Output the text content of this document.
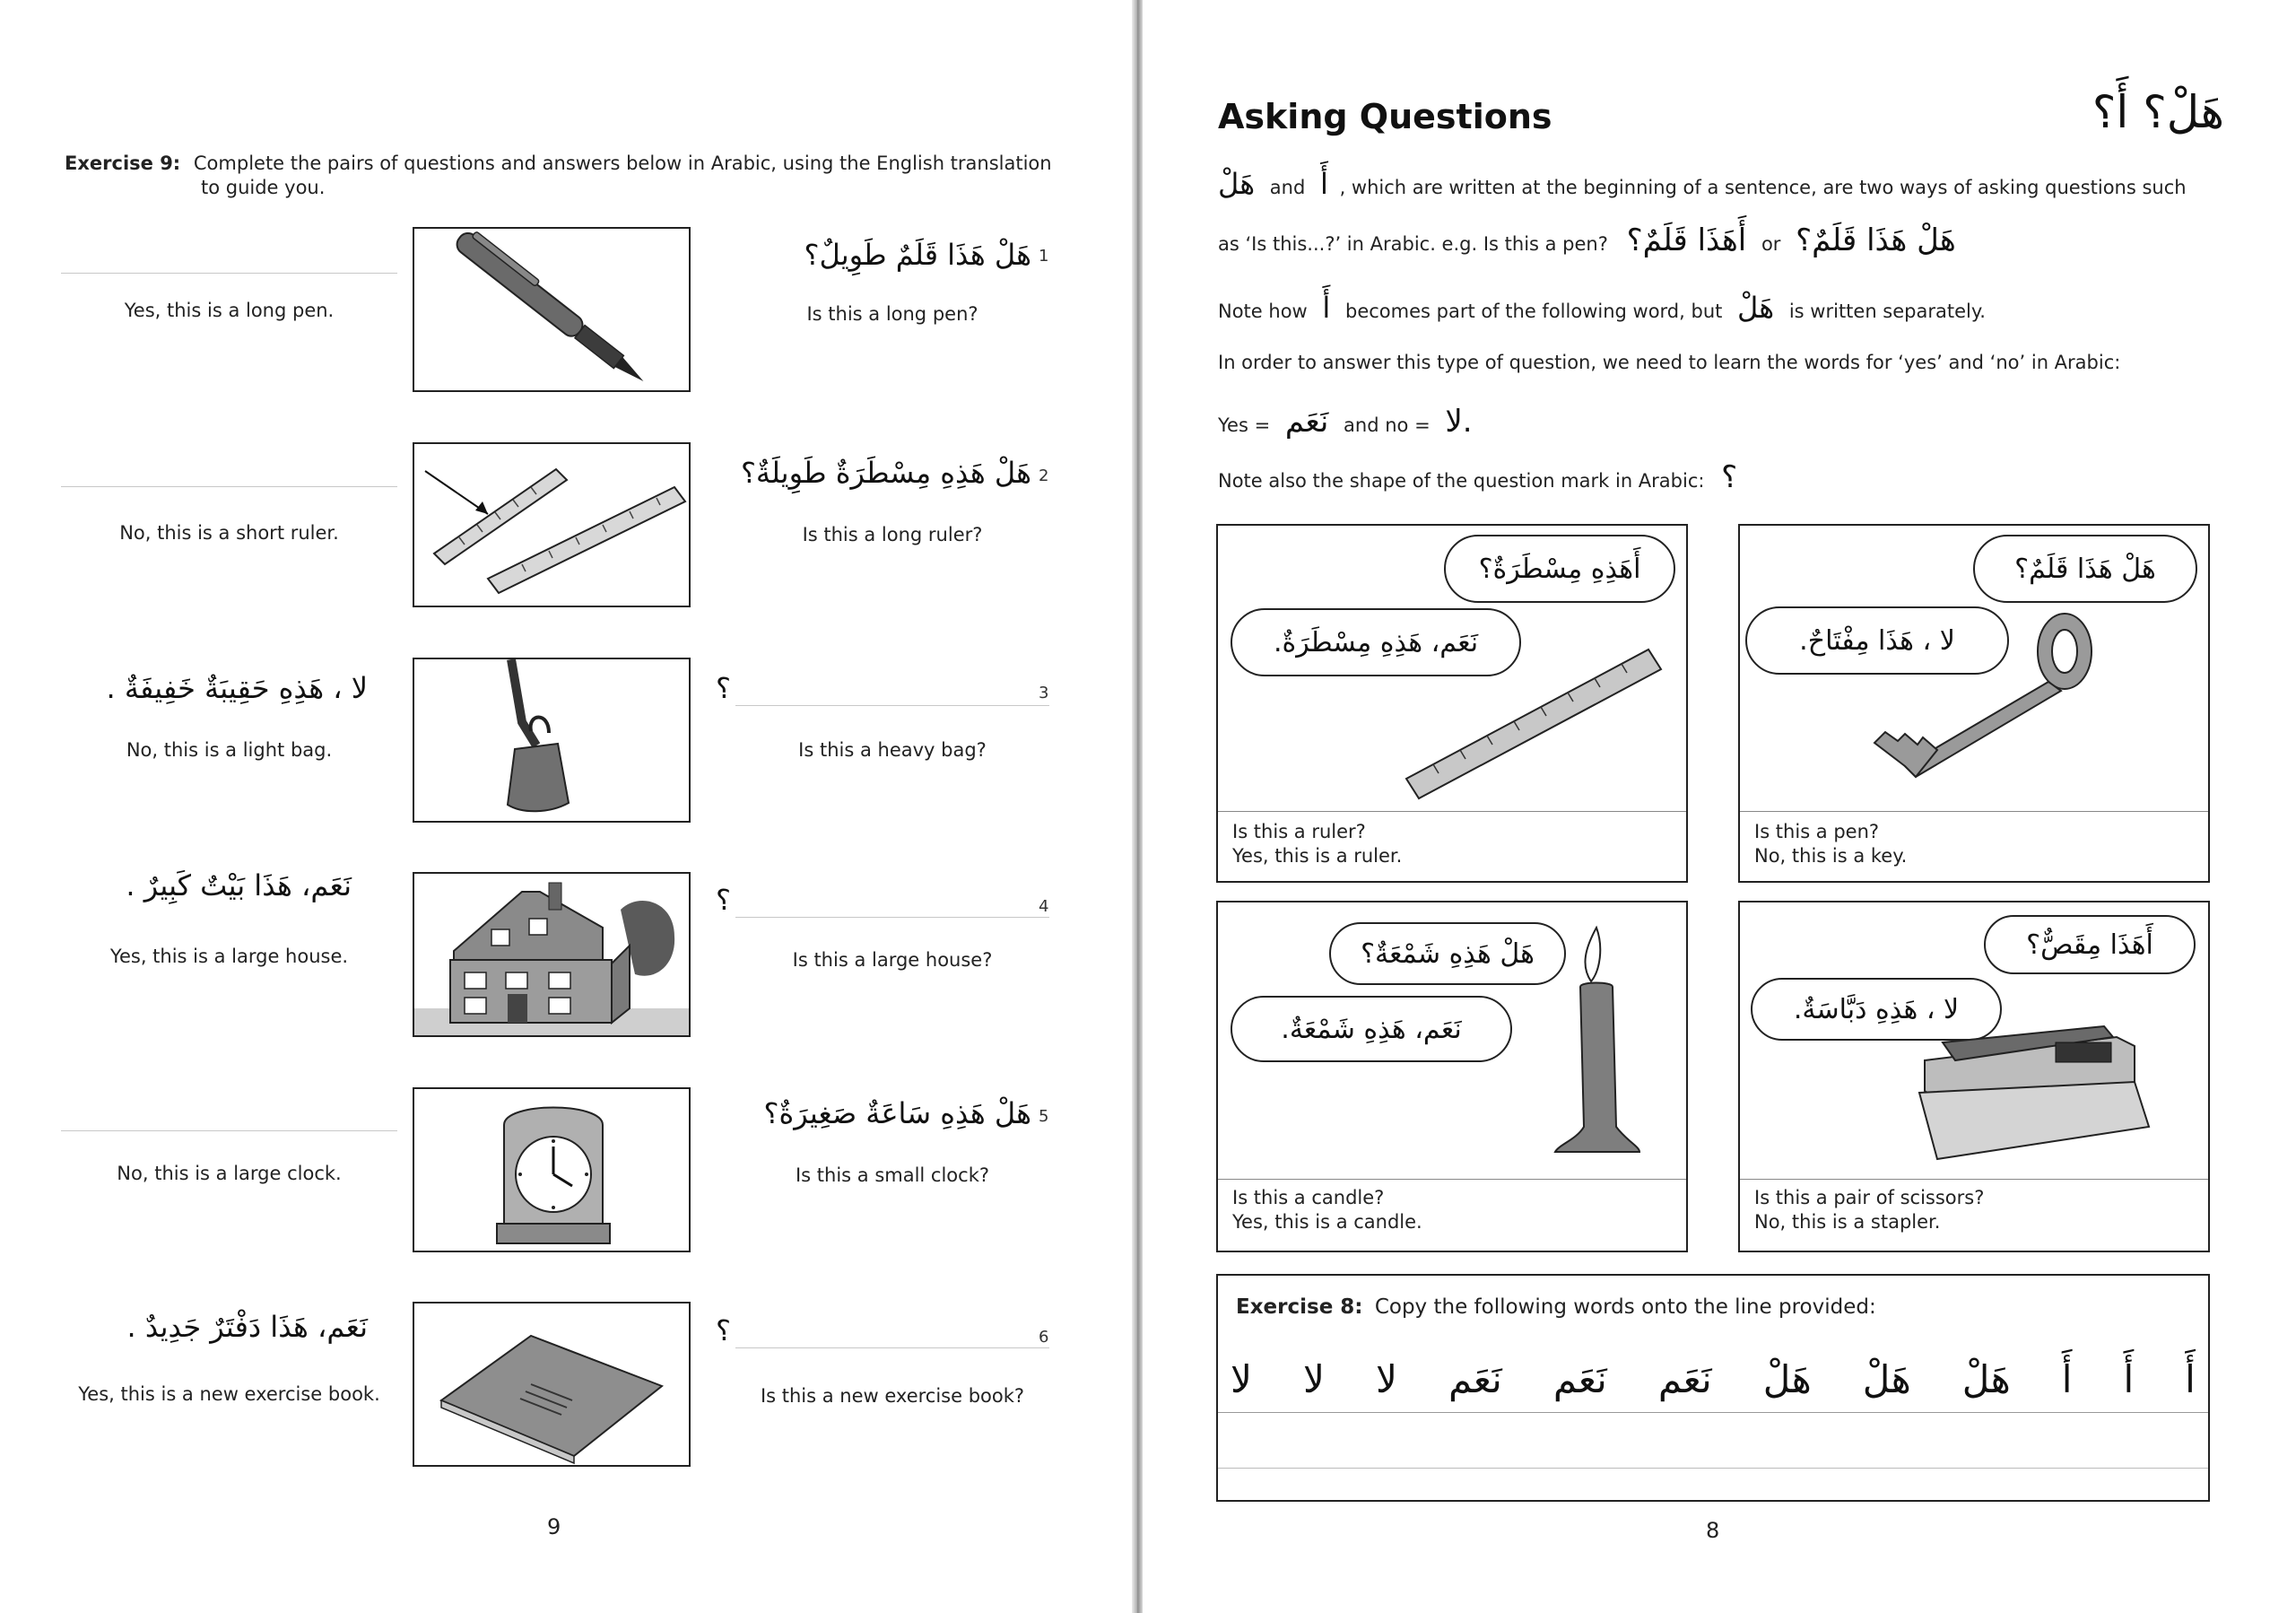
Exercise 9: Complete the pairs of questions and answers below in Arabic, using the English translation
to guide you.
Yes, this is a long pen.
1
هَلْ هَذَا قَلَمٌ طَوِيلٌ؟
Is this a long pen?
No, this is a short ruler.
2
هَلْ هَذِهِ مِسْطَرَةٌ طَوِيلَةٌ؟
Is this a long ruler?
لا ، هَذِهِ حَقِيبَةٌ خَفِيفَةٌ .
No, this is a light bag.
3
؟
Is this a heavy bag?
نَعَم، هَذَا بَيْتٌ كَبِيرٌ .
Yes, this is a large house.
4
؟
Is this a large house?
No, this is a large clock.
5
هَلْ هَذِهِ سَاعَةٌ صَغِيرَةٌ؟
Is this a small clock?
نَعَم، هَذَا دَفْتَرٌ جَدِيدٌ .
Yes, this is a new exercise book.
6
؟
Is this a new exercise book?
9
Asking Questions	هَلْ؟ أَ؟
هَلْ and أَ , which are written at the beginning of a sentence, are two ways of asking questions such
as ‘Is this...?’ in Arabic. e.g. Is this a pen? أَهَذَا قَلَمٌ؟ or هَلْ هَذَا قَلَمٌ؟
Note how أَ becomes part of the following word, but هَلْ is written separately.
In order to answer this type of question, we need to learn the words for ‘yes’ and ‘no’ in Arabic:
Yes = نَعَم and no = لا.
Note also the shape of the question mark in Arabic: ؟
أَهَذِهِ مِسْطَرَةٌ؟
نَعَم، هَذِهِ مِسْطَرَةٌ.
Is this a ruler?
Yes, this is a ruler.
هَلْ هَذَا قَلَمٌ؟
لا ، هَذَا مِفْتَاحٌ.
Is this a pen?
No, this is a key.
هَلْ هَذِهِ شَمْعَةٌ؟
نَعَم، هَذِهِ شَمْعَةٌ.
Is this a candle?
Yes, this is a candle.
أَهَذَا مِقَصٌّ؟
لا ، هَذِهِ دَبَّاسَةٌ.
Is this a pair of scissors?
No, this is a stapler.
Exercise 8: Copy the following words onto the line provided:
أَ
أَ
أَ
هَلْ
هَلْ
هَلْ
نَعَم
نَعَم
نَعَم
لا
لا
لا
8
